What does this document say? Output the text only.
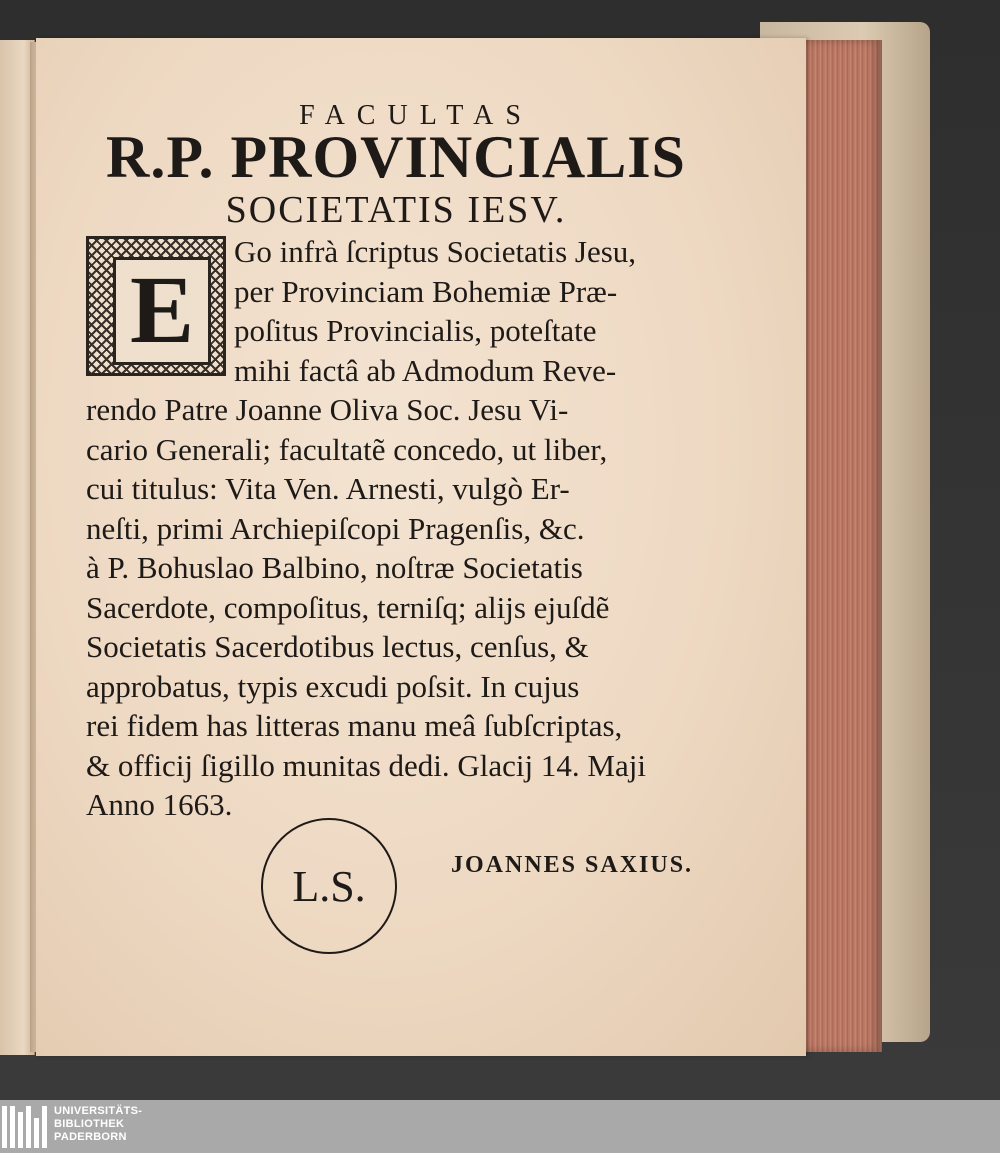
FACULTAS
R.P. PROVINCIALIS
SOCIETATIS IESV.
E
Go infrà ſcriptus Societatis Jesu,
per Provinciam Bohemiæ Præ-
poſitus Provincialis, poteſtate
mihi factâ ab Admodum Reve-
rendo Patre Joanne Oliva Soc. Jesu Vi-
cario Generali; facultatẽ concedo, ut liber,
cui titulus: Vita Ven. Arnesti, vulgò Er-
neſti, primi Archiepiſcopi Pragenſis, &c.
à P. Bohuslao Balbino, noſtræ Societatis
Sacerdote, compoſitus, terniſq; alijs ejuſdẽ
Societatis Sacerdotibus lectus, cenſus, &
approbatus, typis excudi poſsit. In cujus
rei fidem has litteras manu meâ ſubſcriptas,
& officij ſigillo munitas dedi. Glacij 14. Maji
Anno 1663.
L.S.	JOANNES SAXIUS.
UNIVERSITÄTS-
BIBLIOTHEK
PADERBORN
